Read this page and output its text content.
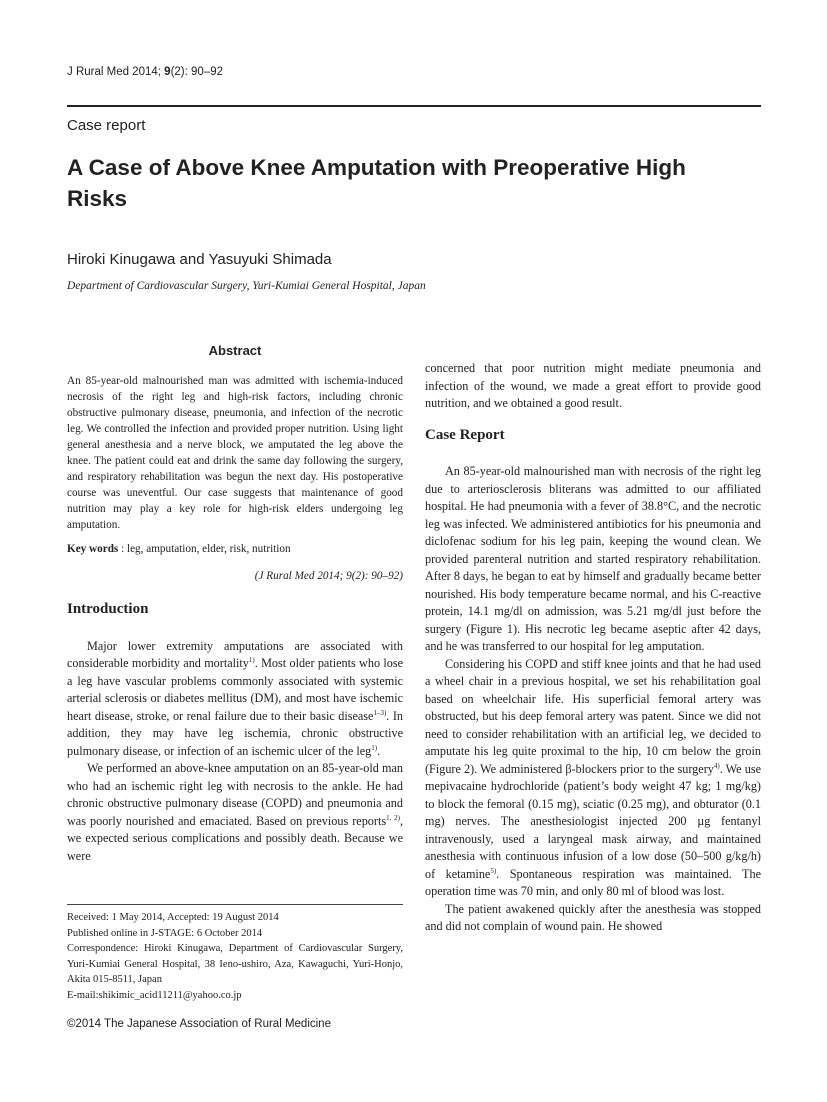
J Rural Med 2014; 9(2): 90–92
Case report
A Case of Above Knee Amputation with Preoperative High Risks
Hiroki Kinugawa and Yasuyuki Shimada
Department of Cardiovascular Surgery, Yuri-Kumiai General Hospital, Japan
Abstract

An 85-year-old malnourished man was admitted with ischemia-induced necrosis of the right leg and high-risk factors, including chronic obstructive pulmonary disease, pneumonia, and infection of the necrotic leg. We controlled the infection and provided proper nutrition. Using light general anesthesia and a nerve block, we amputated the leg above the knee. The patient could eat and drink the same day following the surgery, and respiratory rehabilitation was begun the next day. His postoperative course was uneventful. Our case suggests that maintenance of good nutrition may play a key role for high-risk elders undergoing leg amputation.

Key words : leg, amputation, elder, risk, nutrition
(J Rural Med 2014; 9(2): 90–92)
Introduction

Major lower extremity amputations are associated with considerable morbidity and mortality$^{1)}$. Most older patients who lose a leg have vascular problems commonly associated with systemic arterial sclerosis or diabetes mellitus (DM), and most have ischemic heart disease, stroke, or renal failure due to their basic disease$^{1-3)}$. In addition, they may have leg ischemia, chronic obstructive pulmonary disease, or infection of an ischemic ulcer of the leg$^{1)}$.

We performed an above-knee amputation on an 85-year-old man who had an ischemic right leg with necrosis to the ankle. He had chronic obstructive pulmonary disease (COPD) and pneumonia and was poorly nourished and emaciated. Based on previous reports$^{1, 2)}$, we expected serious complications and possibly death. Because we were

concerned that poor nutrition might mediate pneumonia and infection of the wound, we made a great effort to provide good nutrition, and we obtained a good result.

Case Report

An 85-year-old malnourished man with necrosis of the right leg due to arteriosclerosis bliterans was admitted to our affiliated hospital. He had pneumonia with a fever of 38.8°C, and the necrotic leg was infected. We administered antibiotics for his pneumonia and diclofenac sodium for his leg pain, keeping the wound clean. We provided parenteral nutrition and started respiratory rehabilitation. After 8 days, he began to eat by himself and gradually became better nourished. His body temperature became normal, and his C-reactive protein, 14.1 mg/dl on admission, was 5.21 mg/dl just before the surgery (Figure 1). His necrotic leg became aseptic after 42 days, and he was transferred to our hospital for leg amputation.

Considering his COPD and stiff knee joints and that he had used a wheel chair in a previous hospital, we set his rehabilitation goal based on wheelchair life. His superficial femoral artery was obstructed, but his deep femoral artery was patent. Since we did not need to consider rehabilitation with an artificial leg, we decided to amputate his leg quite proximal to the hip, 10 cm below the groin (Figure 2). We administered β-blockers prior to the surgery$^{4)}$. We use mepivacaine hydrochloride (patient’s body weight 47 kg; 1 mg/kg) to block the femoral (0.15 mg), sciatic (0.25 mg), and obturator (0.1 mg) nerves. The anesthesiologist injected 200 µg fentanyl intravenously, used a laryngeal mask airway, and maintained anesthesia with continuous infusion of a low dose (50–500 g/kg/h) of ketamine$^{5)}$. Spontaneous respiration was maintained. The operation time was 70 min, and only 80 ml of blood was lost.

The patient awakened quickly after the anesthesia was stopped and did not complain of wound pain. He showed

Received: 1 May 2014, Accepted: 19 August 2014
Published online in J-STAGE: 6 October 2014
Correspondence: Hiroki Kinugawa, Department of Cardiovascular Surgery, Yuri-Kumiai General Hospital, 38 Ieno-ushiro, Aza, Kawaguchi, Yuri-Honjo, Akita 015-8511, Japan
E-mail:shikimic_acid11211@yahoo.co.jp
©2014 The Japanese Association of Rural Medicine
